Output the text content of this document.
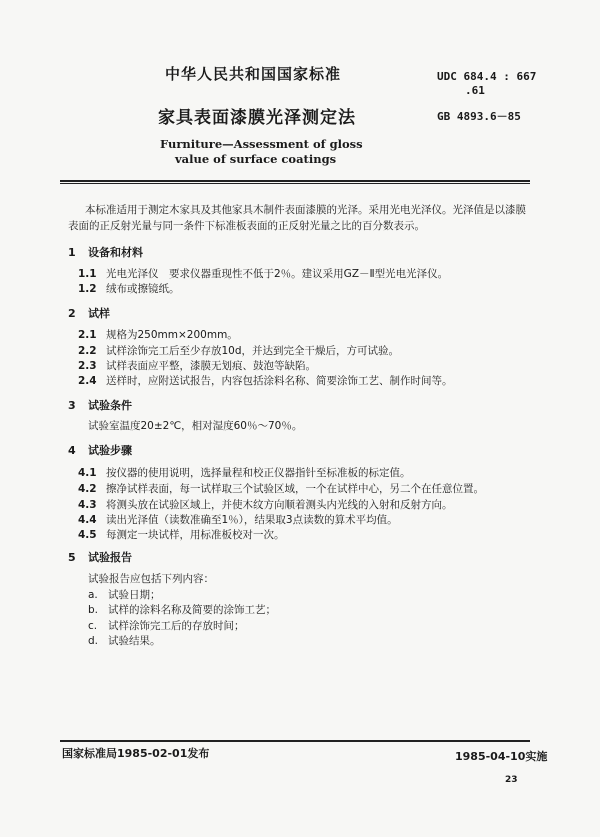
中华人民共和国国家标准	UDC 684.4 : 667
.61
家具表面漆膜光泽测定法	GB 4893.6－85
Furniture—Assessment of gloss
value of surface coatings
本标准适用于测定木家具及其他家具木制件表面漆膜的光泽。采用光电光泽仪。光泽值是以漆膜
表面的正反射光量与同一条件下标准板表面的正反射光量之比的百分数表示。
1 设备和材料
1.1 光电光泽仪　要求仪器重现性不低于2％。建议采用GZ－Ⅱ型光电光泽仪。
1.2 绒布或擦镜纸。
2 试样
2.1 规格为250mm×200mm。
2.2 试样涂饰完工后至少存放10d，并达到完全干燥后，方可试验。
2.3 试样表面应平整，漆膜无划痕、鼓泡等缺陷。
2.4 送样时，应附送试报告，内容包括涂料名称、简要涂饰工艺、制作时间等。
3 试验条件
试验室温度20±2℃，相对湿度60％～70％。
4 试验步骤
4.1 按仪器的使用说明，选择量程和校正仪器指针至标准板的标定值。
4.2 擦净试样表面，每一试样取三个试验区域，一个在试样中心，另二个在任意位置。
4.3 将测头放在试验区域上，并使木纹方向顺着测头内光线的入射和反射方向。
4.4 读出光泽值（读数准确至1％），结果取3点读数的算术平均值。
4.5 每测定一块试样，用标准板校对一次。
5 试验报告
试验报告应包括下列内容：
a. 试验日期；
b. 试样的涂料名称及简要的涂饰工艺；
c. 试样涂饰完工后的存放时间；
d. 试验结果。
国家标准局1985-02-01发布	1985-04-10实施
23
